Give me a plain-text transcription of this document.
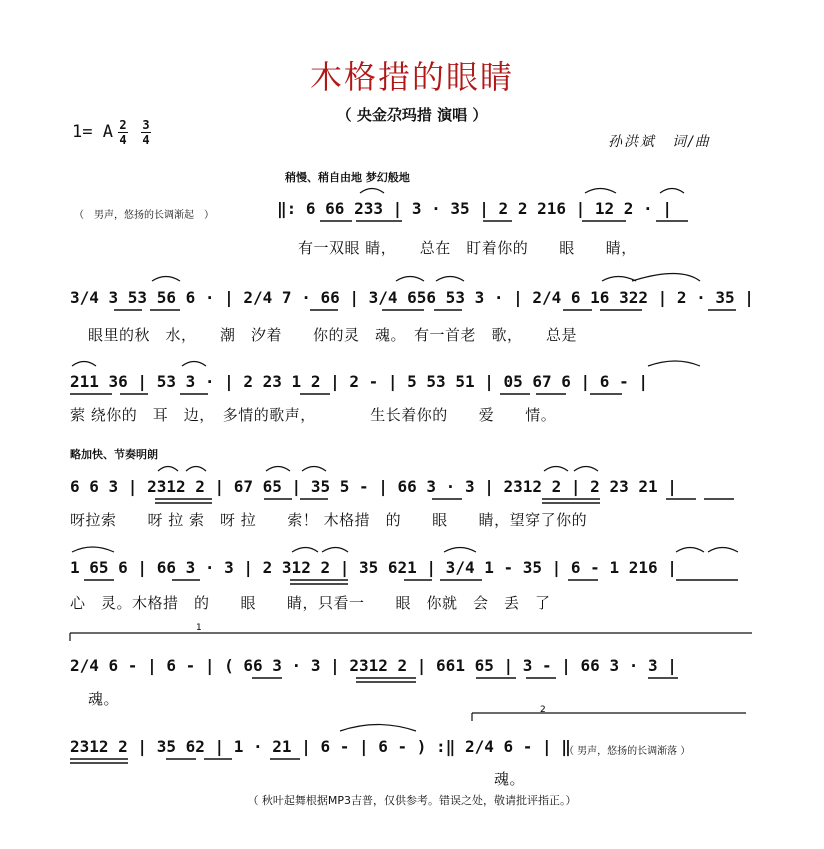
木格措的眼睛
（ 央金尕玛措 演唱 ）
1= A 2
4
3
4	孙洪斌　词/曲
稍慢、稍自由地 梦幻般地
（　男声，悠扬的长调渐起　）	‖: 6 66 233 | 3 · 35 | 2 2 216 | 12 2 · |
有一双眼 睛，　　总在　盯着你的　　眼　　睛，
3/4 3 53 56 6 · | 2/4 7 · 66 | 3/4 656 53 3 · | 2/4 6 16 322 | 2 · 35 |
眼里的秋　水，　　潮　汐着　　你的灵　魂。　有一首老　歌，　　总是
211 36 | 53 3 · | 2 23 1 2 | 2 - | 5 53 51 | 05 67 6 | 6 - |
萦 绕你的　耳　边，　多情的歌声，　　　　生长着你的　　爱　　情。
略加快、节奏明朗
6 6 3 | 2312 2 | 67 65 | 35 5 - | 66 3 · 3 | 2312 2 | 2 23 21 |
呀拉索　　呀 拉 索　呀 拉　　索！ 木格措　的　　眼　　睛，望穿了你的
1 65 6 | 66 3 · 3 | 2 312 2 | 35 621 | 3/4 1 - 35 | 6 - 1 216 |
心　灵。木格措　的　　眼　　睛，只看一　　眼　你就　会　丢　了
2/4 6 - | 6 - | ( 66 3 · 3 | 2312 2 | 661 65 | 3 - | 66 3 · 3 |
魂。
2312 2 | 35 62 | 1 · 21 | 6 - | 6 - ) :‖ 2/4 6 - | ‖
魂。
（ 男声，悠扬的长调渐落 ）
（ 秋叶起舞根据MP3吉普，仅供参考。错误之处，敬请批评指正。）
1
2
